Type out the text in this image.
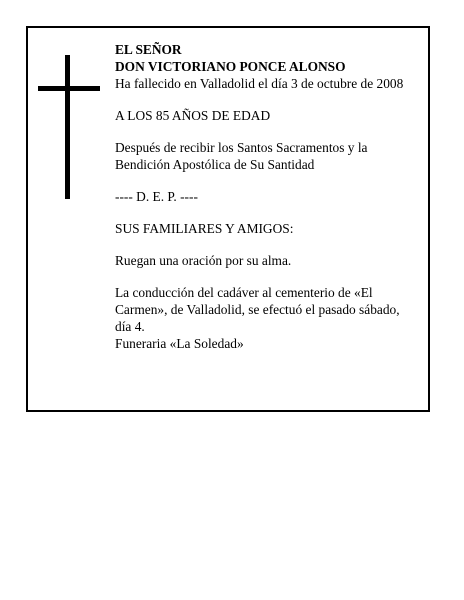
EL SEÑOR

DON VICTORIANO PONCE ALONSO

Ha fallecido en Valladolid el día 3 de octubre de 2008

A LOS 85 AÑOS DE EDAD

Después de recibir los Santos Sacramentos y la

Bendición Apostólica de Su Santidad

---- D. E. P. ----

SUS FAMILIARES Y AMIGOS:

Ruegan una oración por su alma.

La conducción del cadáver al cementerio de «El

Carmen», de Valladolid, se efectuó el pasado sábado,

día 4.

Funeraria «La Soledad»
